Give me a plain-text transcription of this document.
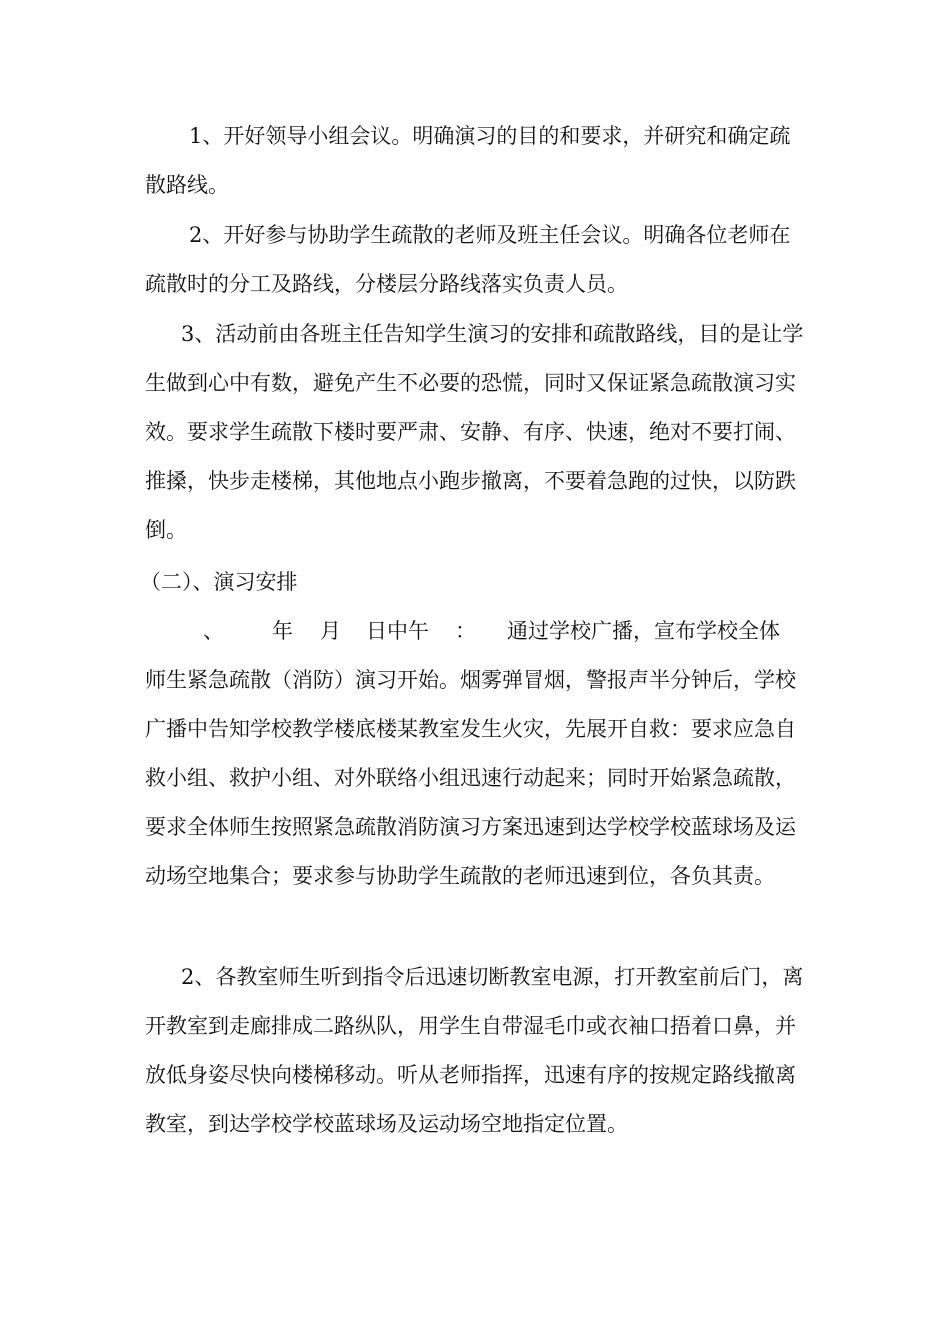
1、开好领导小组会议。明确演习的目的和要求，并研究和确定疏散路线。

2、开好参与协助学生疏散的老师及班主任会议。明确各位老师在疏散时的分工及路线，分楼层分路线落实负责人员。

3、活动前由各班主任告知学生演习的安排和疏散路线，目的是让学生做到心中有数，避免产生不必要的恐慌，同时又保证紧急疏散演习实效。要求学生疏散下楼时要严肃、安静、有序、快速，绝对不要打闹、推搡，快步走楼梯，其他地点小跑步撤离，不要着急跑的过快，以防跌倒。

（二）、演习安排

、 年 月 日中午 ： 通过学校广播，宣布学校全体
师生紧急疏散（消防）演习开始。烟雾弹冒烟，警报声半分钟后，学校广播中告知学校教学楼底楼某教室发生火灾，先展开自救：要求应急自救小组、救护小组、对外联络小组迅速行动起来；同时开始紧急疏散，要求全体师生按照紧急疏散消防演习方案迅速到达学校学校蓝球场及运动场空地集合；要求参与协助学生疏散的老师迅速到位，各负其责。

2、各教室师生听到指令后迅速切断教室电源，打开教室前后门，离开教室到走廊排成二路纵队，用学生自带湿毛巾或衣袖口捂着口鼻，并放低身姿尽快向楼梯移动。听从老师指挥，迅速有序的按规定路线撤离教室，到达学校学校蓝球场及运动场空地指定位置。
